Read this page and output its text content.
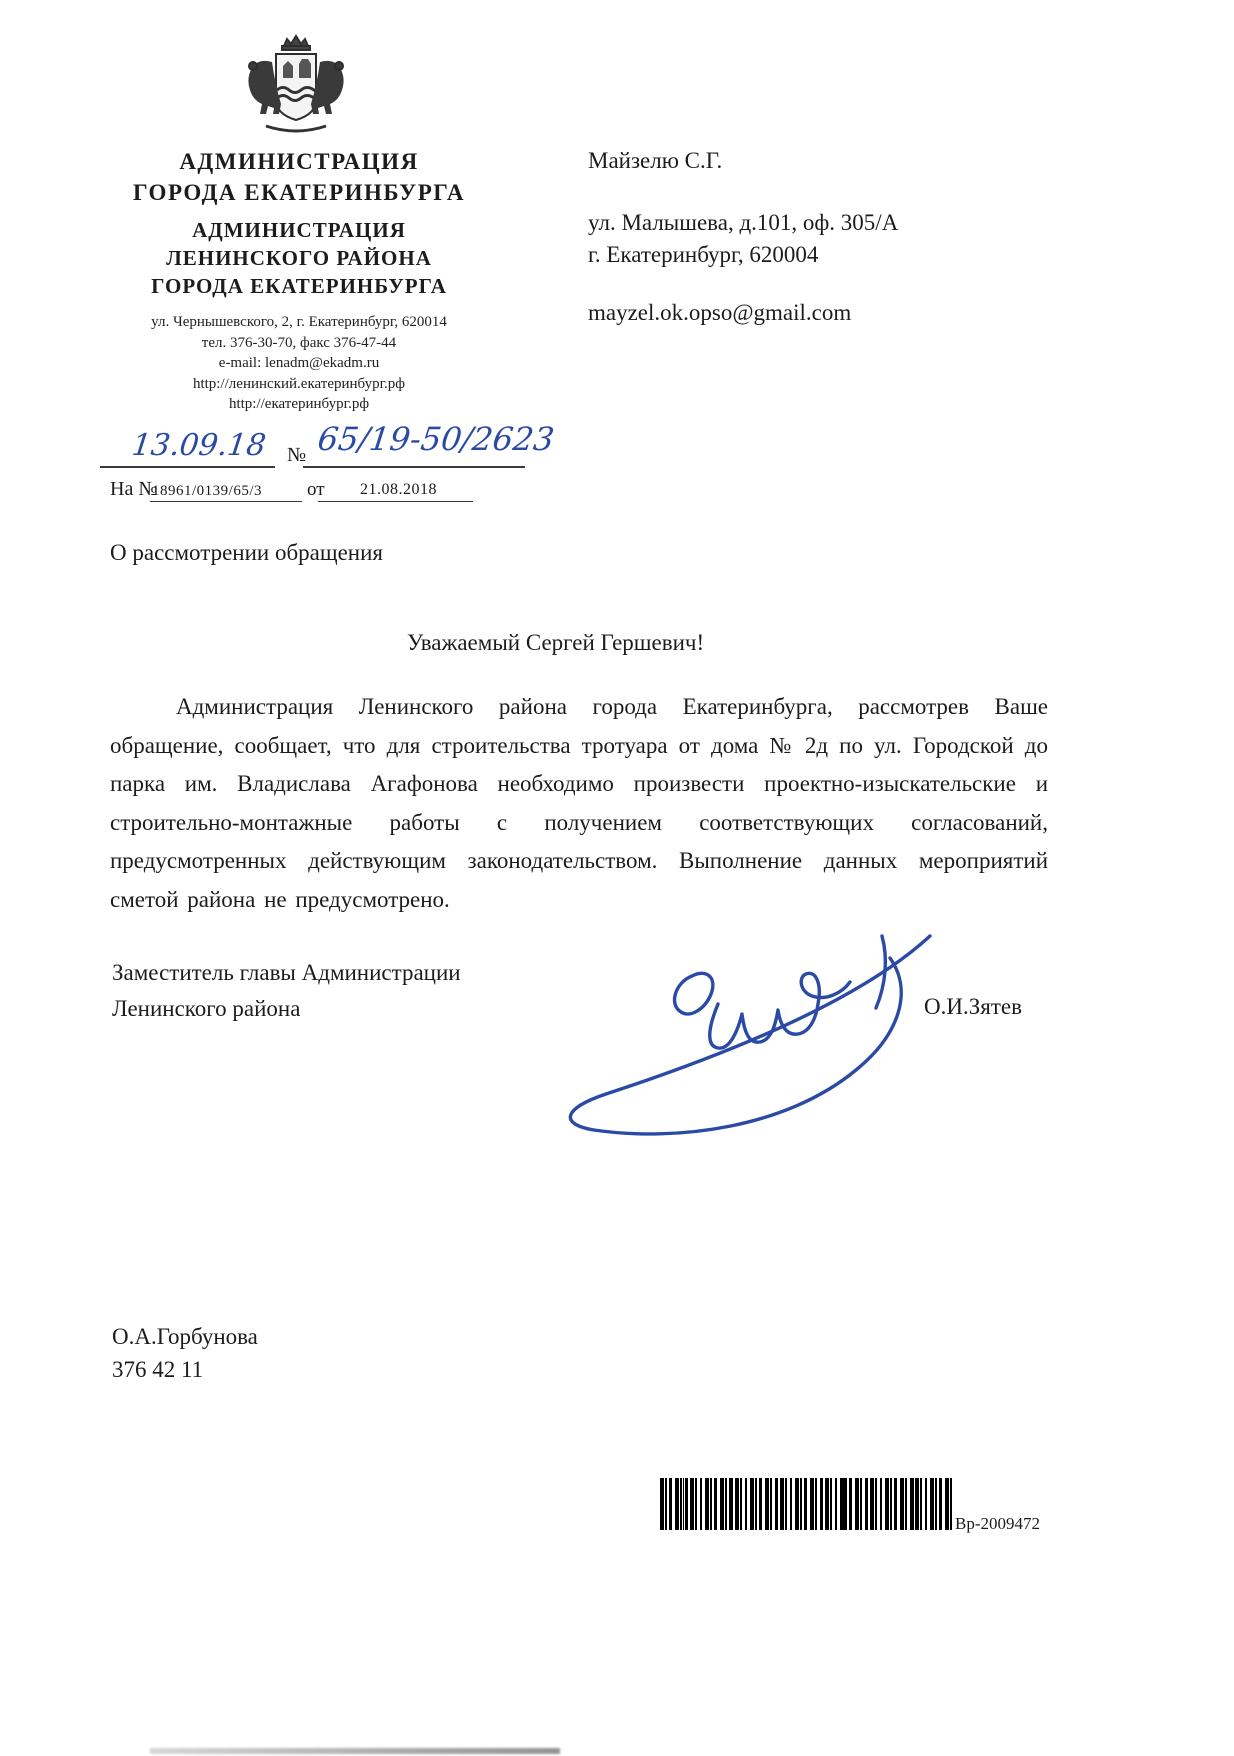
АДМИНИСТРАЦИЯ
ГОРОДА ЕКАТЕРИНБУРГА
АДМИНИСТРАЦИЯ
ЛЕНИНСКОГО РАЙОНА
ГОРОДА ЕКАТЕРИНБУРГА
ул. Чернышевского, 2, г. Екатеринбург, 620014
тел. 376-30-70, факс 376-47-44
e-mail: lenadm@ekadm.ru
http://ленинский.екатеринбург.рф
http://екатеринбург.рф
Майзелю С.Г.
ул. Малышева, д.101, оф. 305/А
г. Екатеринбург, 620004
mayzel.ok.opso@gmail.com
13.09.18 № 65/19-50/2623
На №
18961/0139/65/3 от 21.08.2018
О рассмотрении обращения
Уважаемый Сергей Гершевич!
Администрация Ленинского района города Екатеринбурга, рассмотрев Ваше обращение, сообщает, что для строительства тротуара от дома № 2д по ул. Городской до парка им. Владислава Агафонова необходимо произвести проектно-изыскательские и строительно-монтажные работы с получением соответствующих согласований, предусмотренных действующим законодательством. Выполнение данных мероприятий сметой района не предусмотрено.
Заместитель главы Администрации
Ленинского района	О.И.Зятев
О.А.Горбунова
376 42 11
Вр-2009472
